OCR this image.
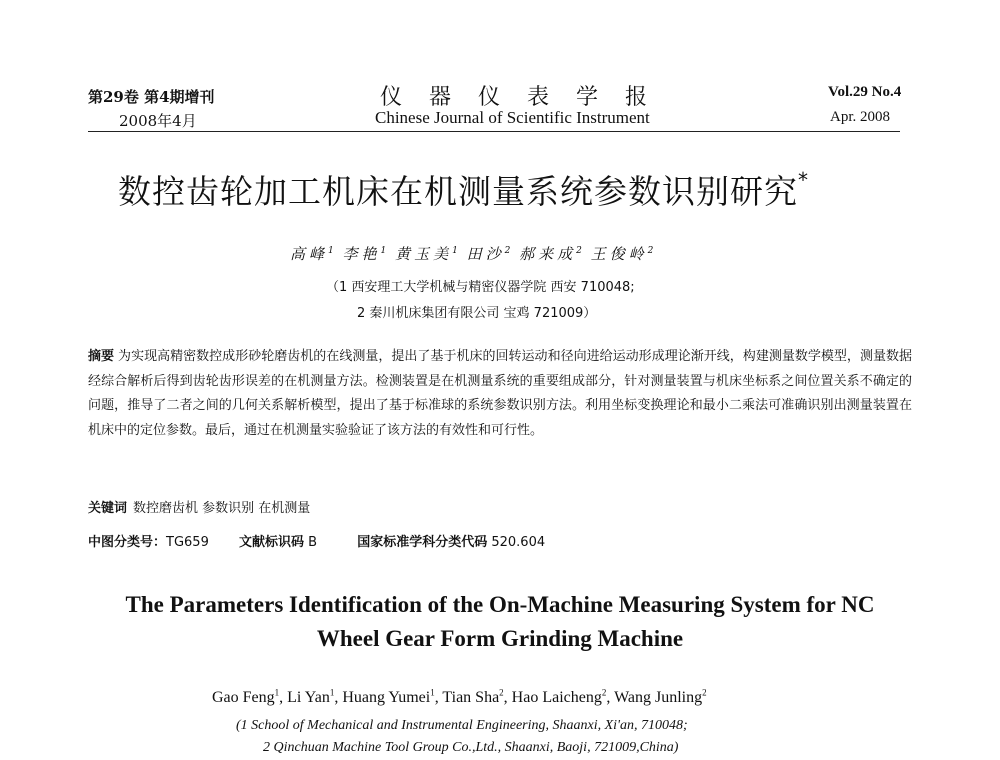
第29卷 第4期增刊
2008年4月
仪器仪表学报
Chinese Journal of Scientific Instrument
Vol.29 No.4
Apr. 2008
数控齿轮加工机床在机测量系统参数识别研究*
高峰$^1$ 李艳$^1$ 黄玉美$^1$ 田沙$^2$ 郝来成$^2$ 王俊岭$^2$
（1 西安理工大学机械与精密仪器学院 西安 710048;
2 秦川机床集团有限公司 宝鸡 721009）
摘要 为实现高精密数控成形砂轮磨齿机的在线测量，提出了基于机床的回转运动和径向进给运动形成理论渐开线，构建测量数学模型，测量数据经综合解析后得到齿轮齿形误差的在机测量方法。检测装置是在机测量系统的重要组成部分，针对测量装置与机床坐标系之间位置关系不确定的问题，推导了二者之间的几何关系解析模型，提出了基于标准球的系统参数识别方法。利用坐标变换理论和最小二乘法可准确识别出测量装置在机床中的定位参数。最后，通过在机测量实验验证了该方法的有效性和可行性。
关键词 数控磨齿机 参数识别 在机测量
中图分类号：TG659 文献标识码 B	国家标准学科分类代码 520.604
The Parameters Identification of the On-Machine Measuring System for NC
Wheel Gear Form Grinding Machine
Gao Feng$^1$, Li Yan$^1$, Huang Yumei$^1$, Tian Sha$^2$, Hao Laicheng$^2$, Wang Junling$^2$
(1 School of Mechanical and Instrumental Engineering, Shaanxi, Xi'an, 710048;
2 Qinchuan Machine Tool Group Co.,Ltd., Shaanxi, Baoji, 721009,China)
